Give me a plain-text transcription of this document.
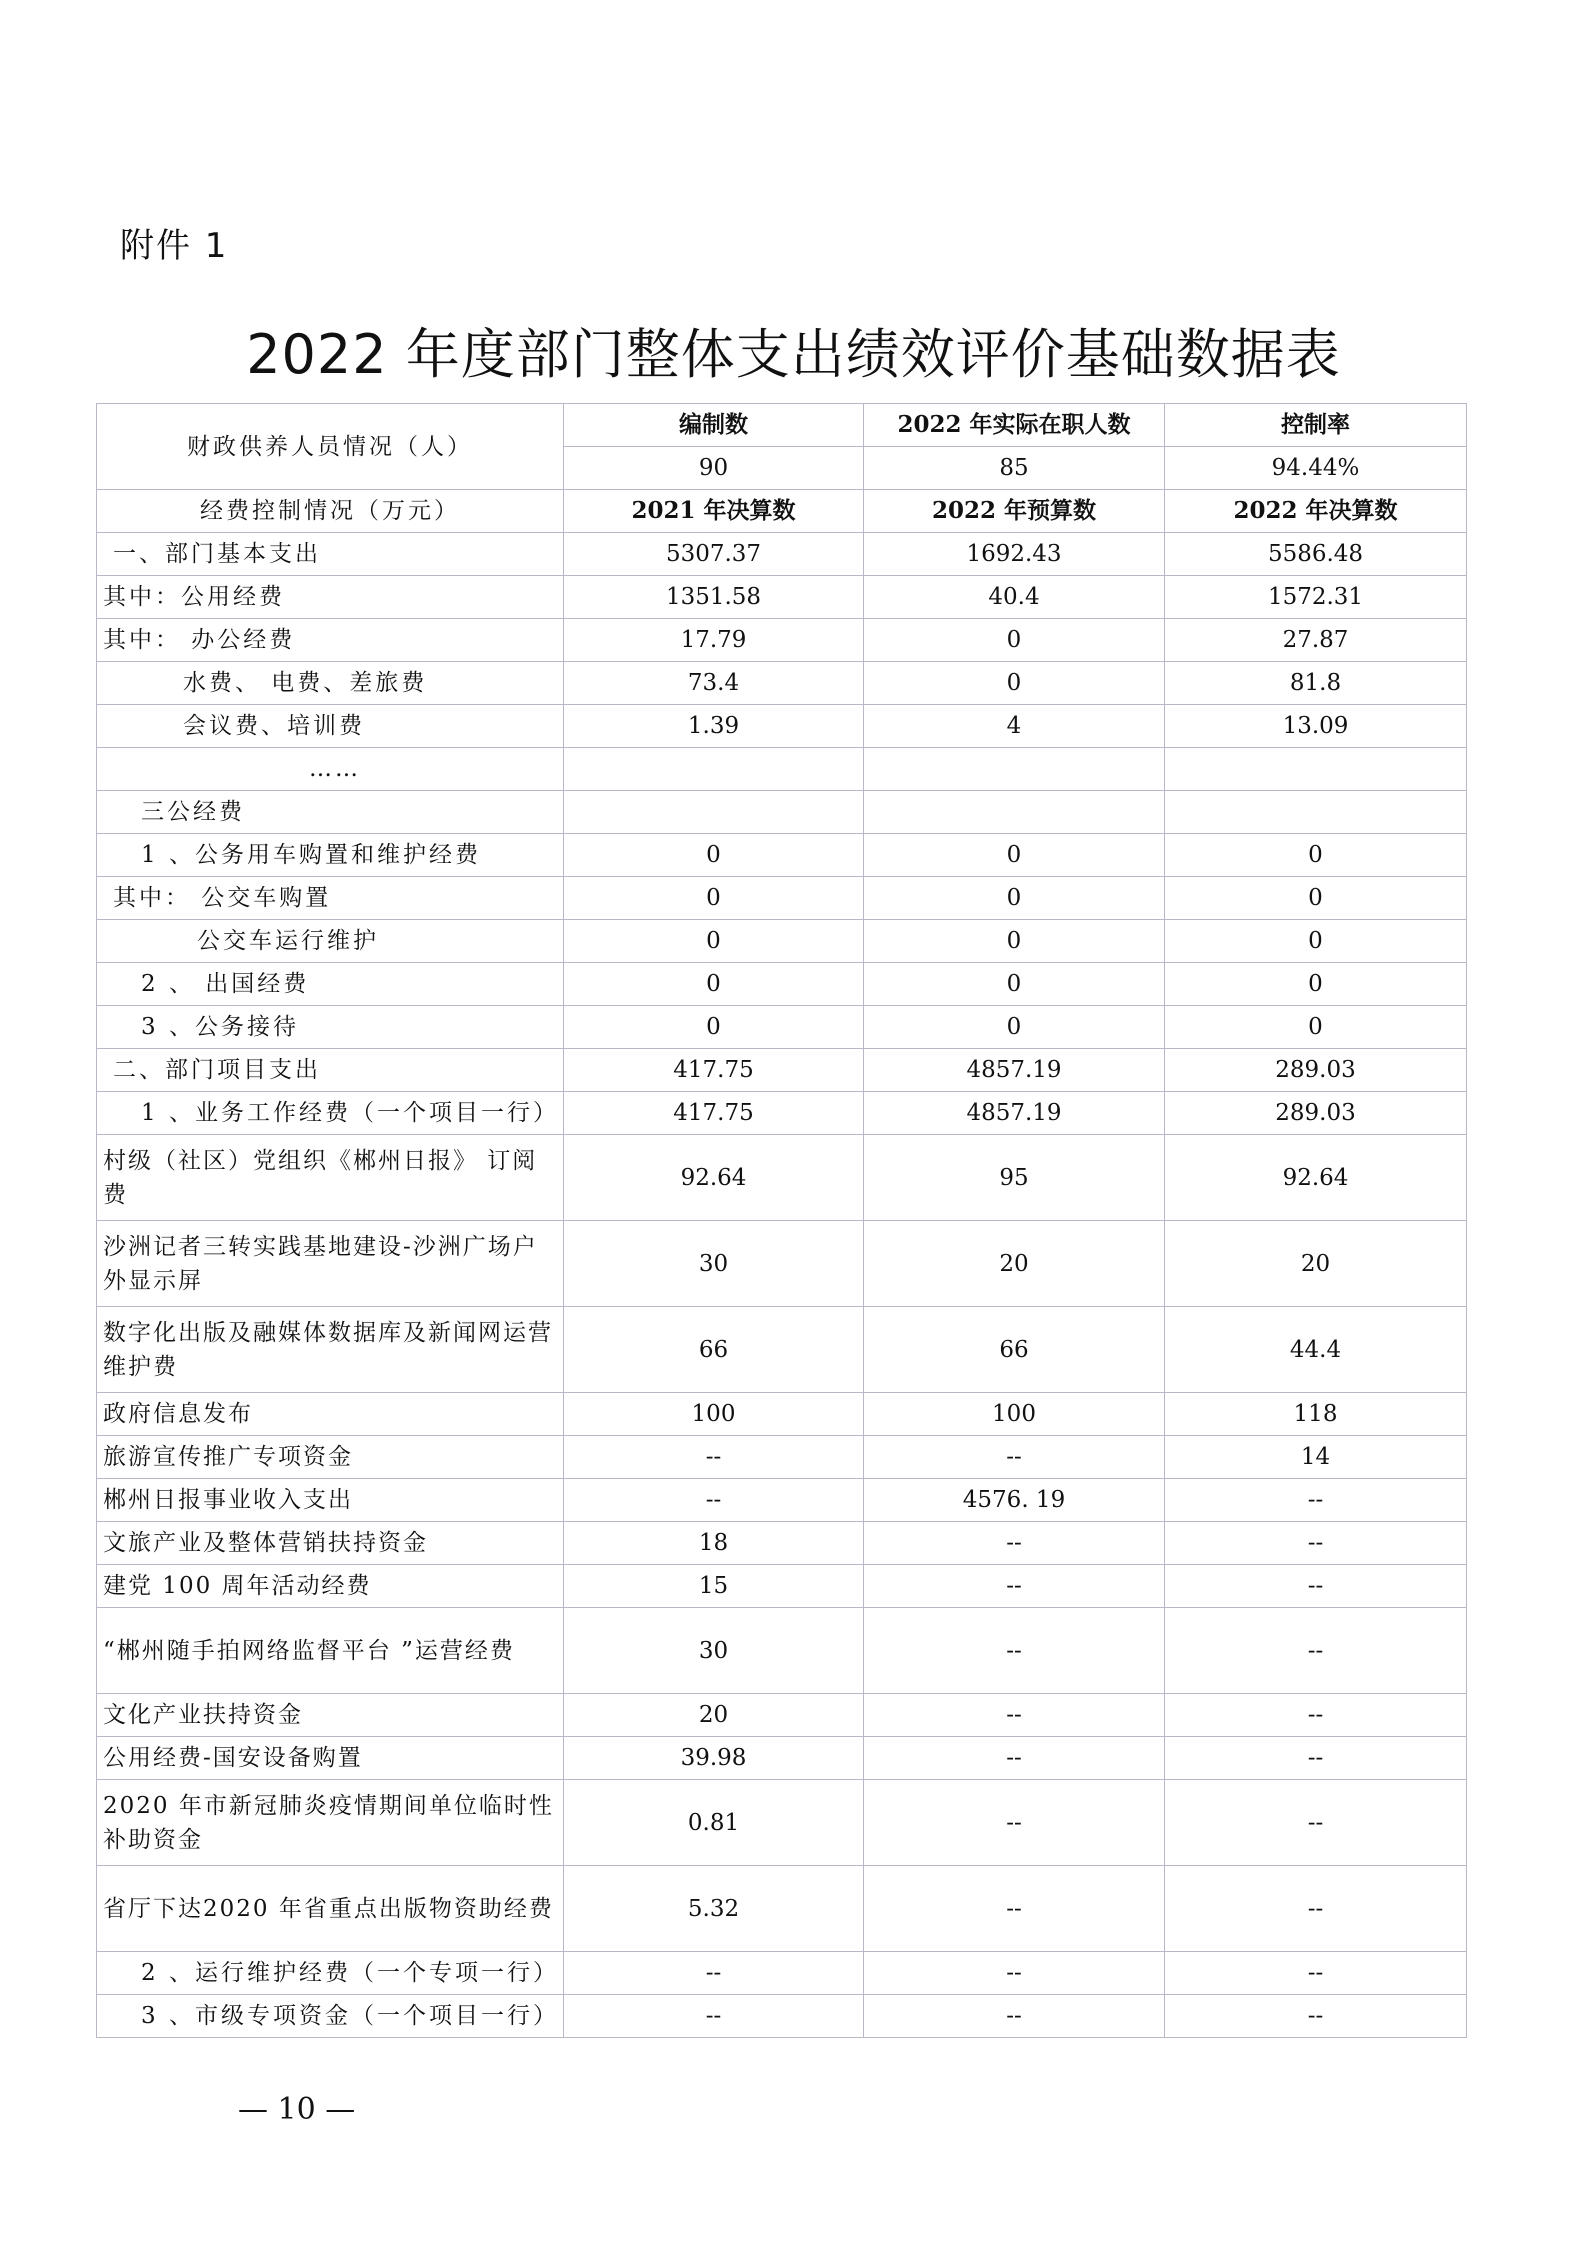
附件 1
2022 年度部门整体支出绩效评价基础数据表
财政供养人员情况（人）	编制数	2022 年实际在职人数	控制率
	90	85	94.44%
经费控制情况（万元）	2021 年决算数	2022 年预算数	2022 年决算数
一、部门基本支出	5307.37	1692.43	5586.48
其中：公用经费	1351.58	40.4	1572.31
其中： 办公经费	17.79	0	27.87
水费、 电费、差旅费	73.4	0	81.8
会议费、培训费	1.39	4	13.09
……			
三公经费			
1 、公务用车购置和维护经费	0	0	0
其中： 公交车购置	0	0	0
公交车运行维护	0	0	0
2 、 出国经费	0	0	0
3 、公务接待	0	0	0
二、部门项目支出	417.75	4857.19	289.03
1 、业务工作经费（一个项目一行）	417.75	4857.19	289.03
村级（社区）党组织《郴州日报》 订阅费	92.64	95	92.64
沙洲记者三转实践基地建设-沙洲广场户外显示屏	30	20	20
数字化出版及融媒体数据库及新闻网运营维护费	66	66	44.4
政府信息发布	100	100	118
旅游宣传推广专项资金	--	--	14
郴州日报事业收入支出	--	4576. 19	--
文旅产业及整体营销扶持资金	18	--	--
建党 100 周年活动经费	15	--	--
“郴州随手拍网络监督平台 ”运营经费	30	--	--
文化产业扶持资金	20	--	--
公用经费-国安设备购置	39.98	--	--
2020 年市新冠肺炎疫情期间单位临时性补助资金	0.81	--	--
省厅下达2020 年省重点出版物资助经费	5.32	--	--
2 、运行维护经费（一个专项一行）	--	--	--
3 、市级专项资金（一个项目一行）	--	--	--
— 10 —
